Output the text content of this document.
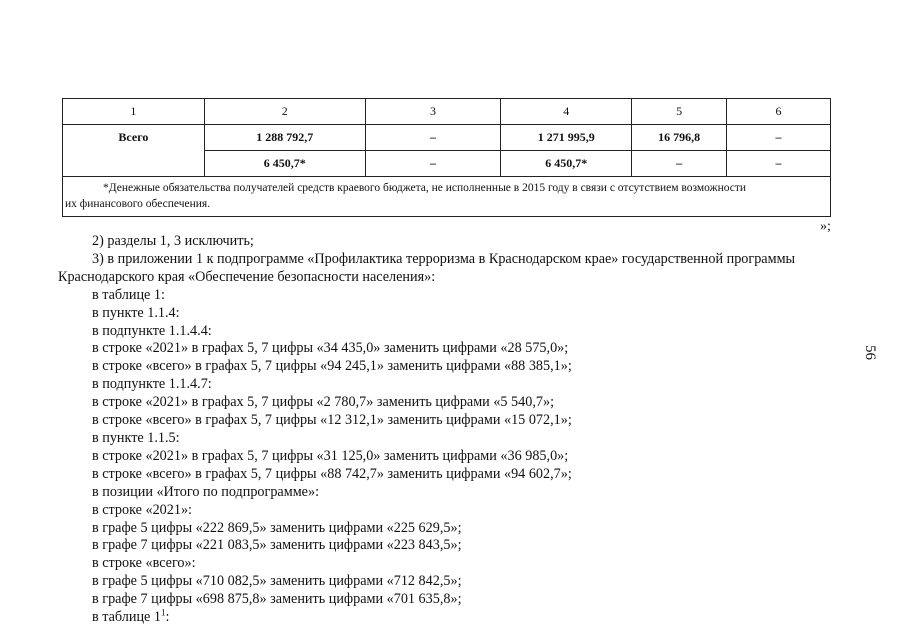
1	2	3	4	5	6
Всего	1 288 792,7	–	1 271 995,9	16 796,8	–
	6 450,7*	–	6 450,7*	–	–

*Денежные обязательства получателей средств краевого бюджета, не исполненные в 2015 году в связи с отсутствием возможности
их финансового обеспечения.					
»;
2) разделы 1, 3 исключить;
3) в приложении 1 к подпрограмме «Профилактика терроризма в Краснодарском крае» государственной программы
Краснодарского края «Обеспечение безопасности населения»:
в таблице 1:
в пункте 1.1.4:
в подпункте 1.1.4.4:
в строке «2021» в графах 5, 7 цифры «34 435,0» заменить цифрами «28 575,0»;
в строке «всего» в графах 5, 7 цифры «94 245,1» заменить цифрами «88 385,1»;
в подпункте 1.1.4.7:
в строке «2021» в графах 5, 7 цифры «2 780,7» заменить цифрами «5 540,7»;
в строке «всего» в графах 5, 7 цифры «12 312,1» заменить цифрами «15 072,1»;
в пункте 1.1.5:
в строке «2021» в графах 5, 7 цифры «31 125,0» заменить цифрами «36 985,0»;
в строке «всего» в графах 5, 7 цифры «88 742,7» заменить цифрами «94 602,7»;
в позиции «Итого по подпрограмме»:
в строке «2021»:
в графе 5 цифры «222 869,5» заменить цифрами «225 629,5»;
в графе 7 цифры «221 083,5» заменить цифрами «223 843,5»;
в строке «всего»:
в графе 5 цифры «710 082,5» заменить цифрами «712 842,5»;
в графе 7 цифры «698 875,8» заменить цифрами «701 635,8»;
в таблице $1^1$:
56
